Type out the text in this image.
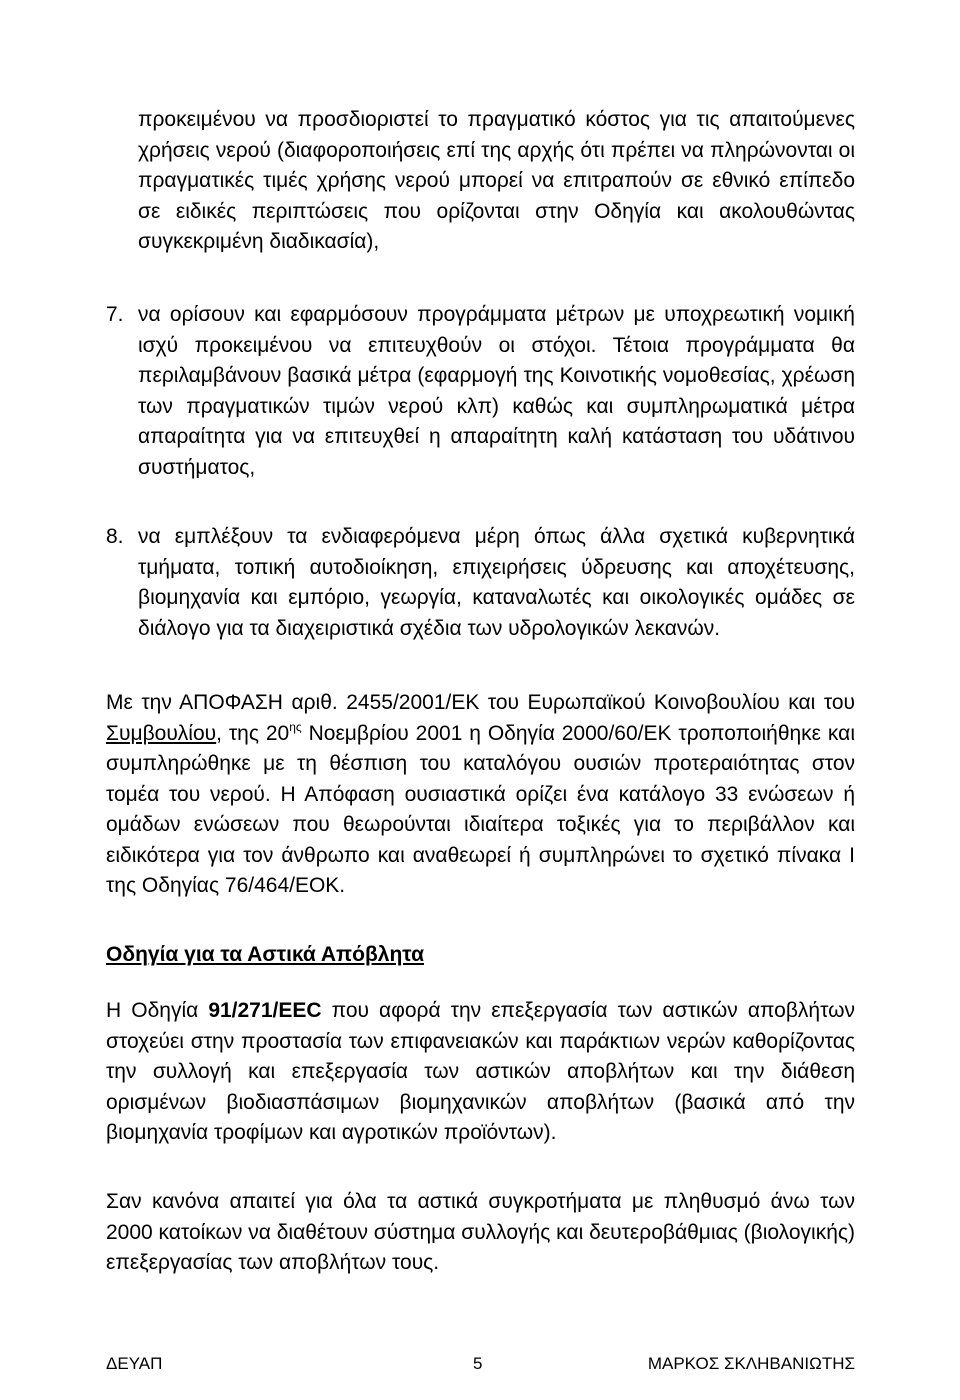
προκειμένου να προσδιοριστεί το πραγματικό κόστος για τις απαιτούμενες χρήσεις νερού (διαφοροποιήσεις επί της αρχής ότι πρέπει να πληρώνονται οι πραγματικές τιμές χρήσης νερού μπορεί να επιτραπούν σε εθνικό επίπεδο σε ειδικές περιπτώσεις που ορίζονται στην Οδηγία και ακολουθώντας συγκεκριμένη διαδικασία),
7. να ορίσουν και εφαρμόσουν προγράμματα μέτρων με υποχρεωτική νομική ισχύ προκειμένου να επιτευχθούν οι στόχοι. Τέτοια προγράμματα θα περιλαμβάνουν βασικά μέτρα (εφαρμογή της Κοινοτικής νομοθεσίας, χρέωση των πραγματικών τιμών νερού κλπ) καθώς και συμπληρωματικά μέτρα απαραίτητα για να επιτευχθεί η απαραίτητη καλή κατάσταση του υδάτινου συστήματος,
8. να εμπλέξουν τα ενδιαφερόμενα μέρη όπως άλλα σχετικά κυβερνητικά τμήματα, τοπική αυτοδιοίκηση, επιχειρήσεις ύδρευσης και αποχέτευσης, βιομηχανία και εμπόριο, γεωργία, καταναλωτές και οικολογικές ομάδες σε διάλογο για τα διαχειριστικά σχέδια των υδρολογικών λεκανών.
Με την ΑΠΟΦΑΣΗ αριθ. 2455/2001/ΕΚ του Ευρωπαϊκού Κοινοβουλίου και του Συμβουλίου, της $20^{\eta\varsigma}$ Νοεμβρίου 2001 η Οδηγία 2000/60/ΕΚ τροποποιήθηκε και συμπληρώθηκε με τη θέσπιση του καταλόγου ουσιών προτεραιότητας στον τομέα του νερού. Η Απόφαση ουσιαστικά ορίζει ένα κατάλογο 33 ενώσεων ή ομάδων ενώσεων που θεωρούνται ιδιαίτερα τοξικές για το περιβάλλον και ειδικότερα για τον άνθρωπο και αναθεωρεί ή συμπληρώνει το σχετικό πίνακα Ι της Οδηγίας 76/464/ΕΟΚ.
Οδηγία για τα Αστικά Απόβλητα
Η Οδηγία 91/271/EEC που αφορά την επεξεργασία των αστικών αποβλήτων στοχεύει στην προστασία των επιφανειακών και παράκτιων νερών καθορίζοντας την συλλογή και επεξεργασία των αστικών αποβλήτων και την διάθεση ορισμένων βιοδιασπάσιμων βιομηχανικών αποβλήτων (βασικά από την βιομηχανία τροφίμων και αγροτικών προϊόντων).
Σαν κανόνα απαιτεί για όλα τα αστικά συγκροτήματα με πληθυσμό άνω των 2000 κατοίκων να διαθέτουν σύστημα συλλογής και δευτεροβάθμιας (βιολογικής) επεξεργασίας των αποβλήτων τους.
ΔΕΥΑΠ	5	ΜΑΡΚΟΣ ΣΚΛΗΒΑΝΙΩΤΗΣ
